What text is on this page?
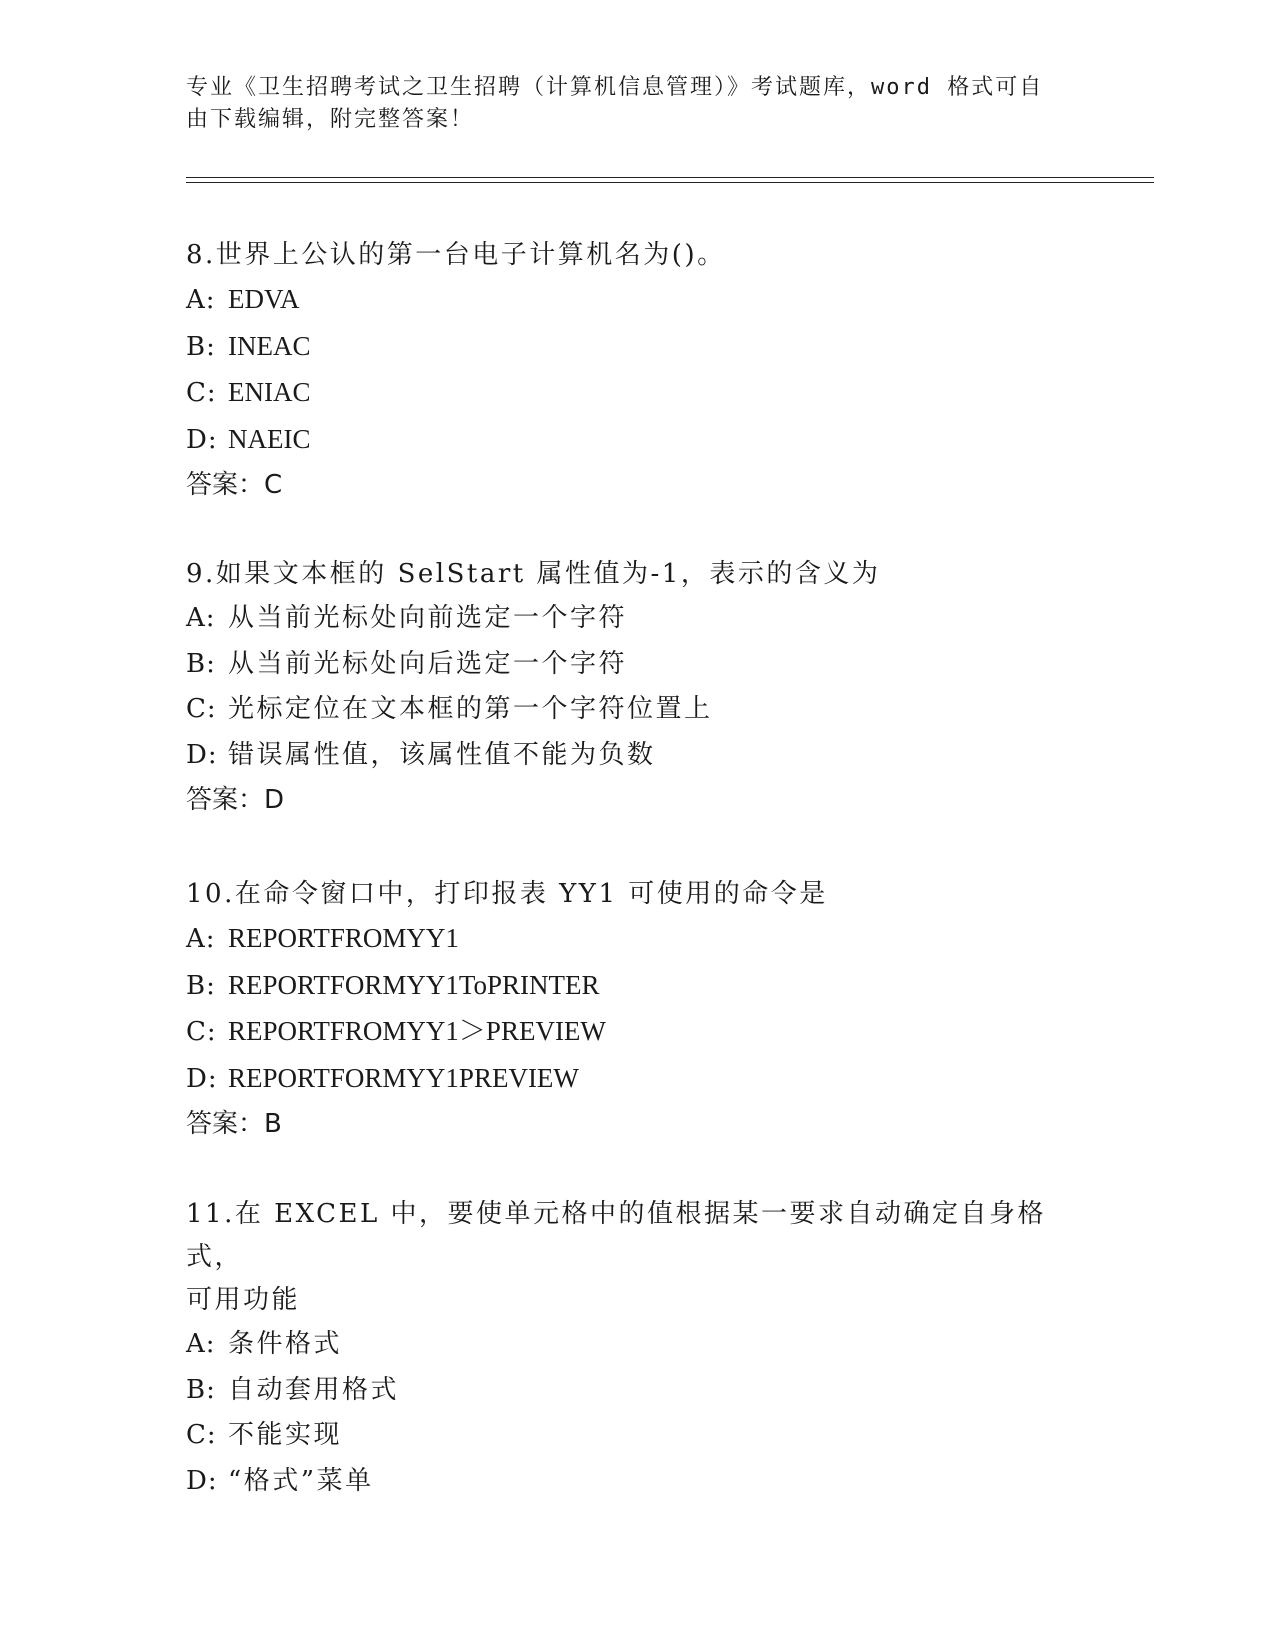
专业《卫生招聘考试之卫生招聘（计算机信息管理）》考试题库，word 格式可自
由下载编辑，附完整答案！

8.世界上公认的第一台电子计算机名为()。

A: EDVA

B: INEAC

C: ENIAC

D: NAEIC

答案：C

9.如果文本框的 SelStart 属性值为-1，表示的含义为

A: 从当前光标处向前选定一个字符

B: 从当前光标处向后选定一个字符

C: 光标定位在文本框的第一个字符位置上

D: 错误属性值，该属性值不能为负数

答案：D

10.在命令窗口中，打印报表 YY1 可使用的命令是

A: REPORTFROMYY1

B: REPORTFORMYY1ToPRINTER

C: REPORTFROMYY1＞PREVIEW

D: REPORTFORMYY1PREVIEW

答案：B

11.在 EXCEL 中，要使单元格中的值根据某一要求自动确定自身格式，

可用功能

A: 条件格式

B: 自动套用格式

C: 不能实现

D: “格式”菜单
